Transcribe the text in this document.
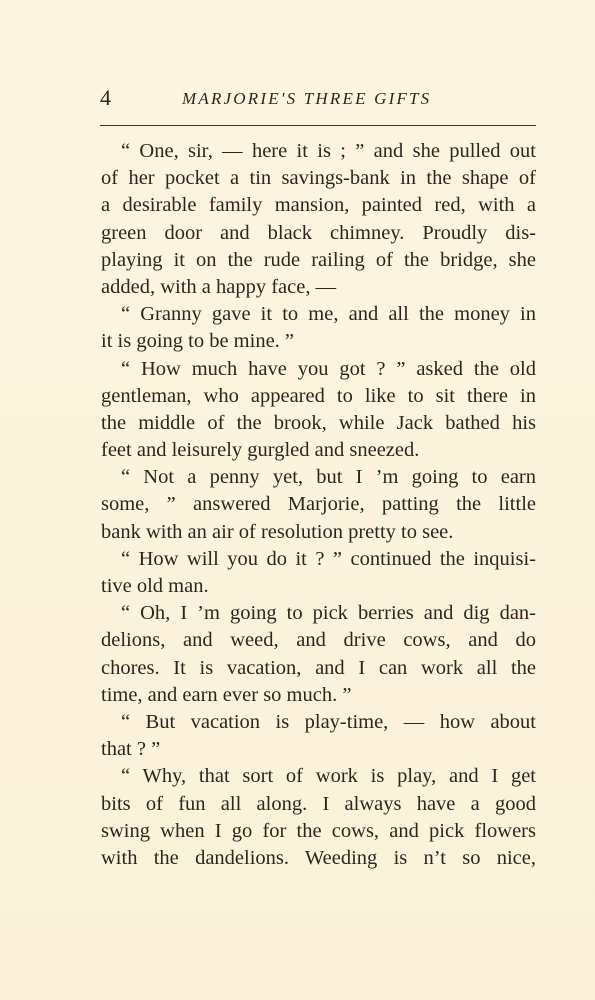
4	MARJORIE'S THREE GIFTS
“ One, sir, — here it is ; ” and she pulled out
of her pocket a tin savings-bank in the shape of
a desirable family mansion, painted red, with a
green door and black chimney. Proudly dis-
playing it on the rude railing of the bridge, she
added, with a happy face, —
“ Granny gave it to me, and all the money in
it is going to be mine. ”
“ How much have you got ? ” asked the old
gentleman, who appeared to like to sit there in
the middle of the brook, while Jack bathed his
feet and leisurely gurgled and sneezed.
“ Not a penny yet, but I ’m going to earn
some, ” answered Marjorie, patting the little
bank with an air of resolution pretty to see.
“ How will you do it ? ” continued the inquisi-
tive old man.
“ Oh, I ’m going to pick berries and dig dan-
delions, and weed, and drive cows, and do
chores. It is vacation, and I can work all the
time, and earn ever so much. ”
“ But vacation is play-time, — how about
that ? ”
“ Why, that sort of work is play, and I get
bits of fun all along. I always have a good
swing when I go for the cows, and pick flowers
with the dandelions. Weeding is n’t so nice,
